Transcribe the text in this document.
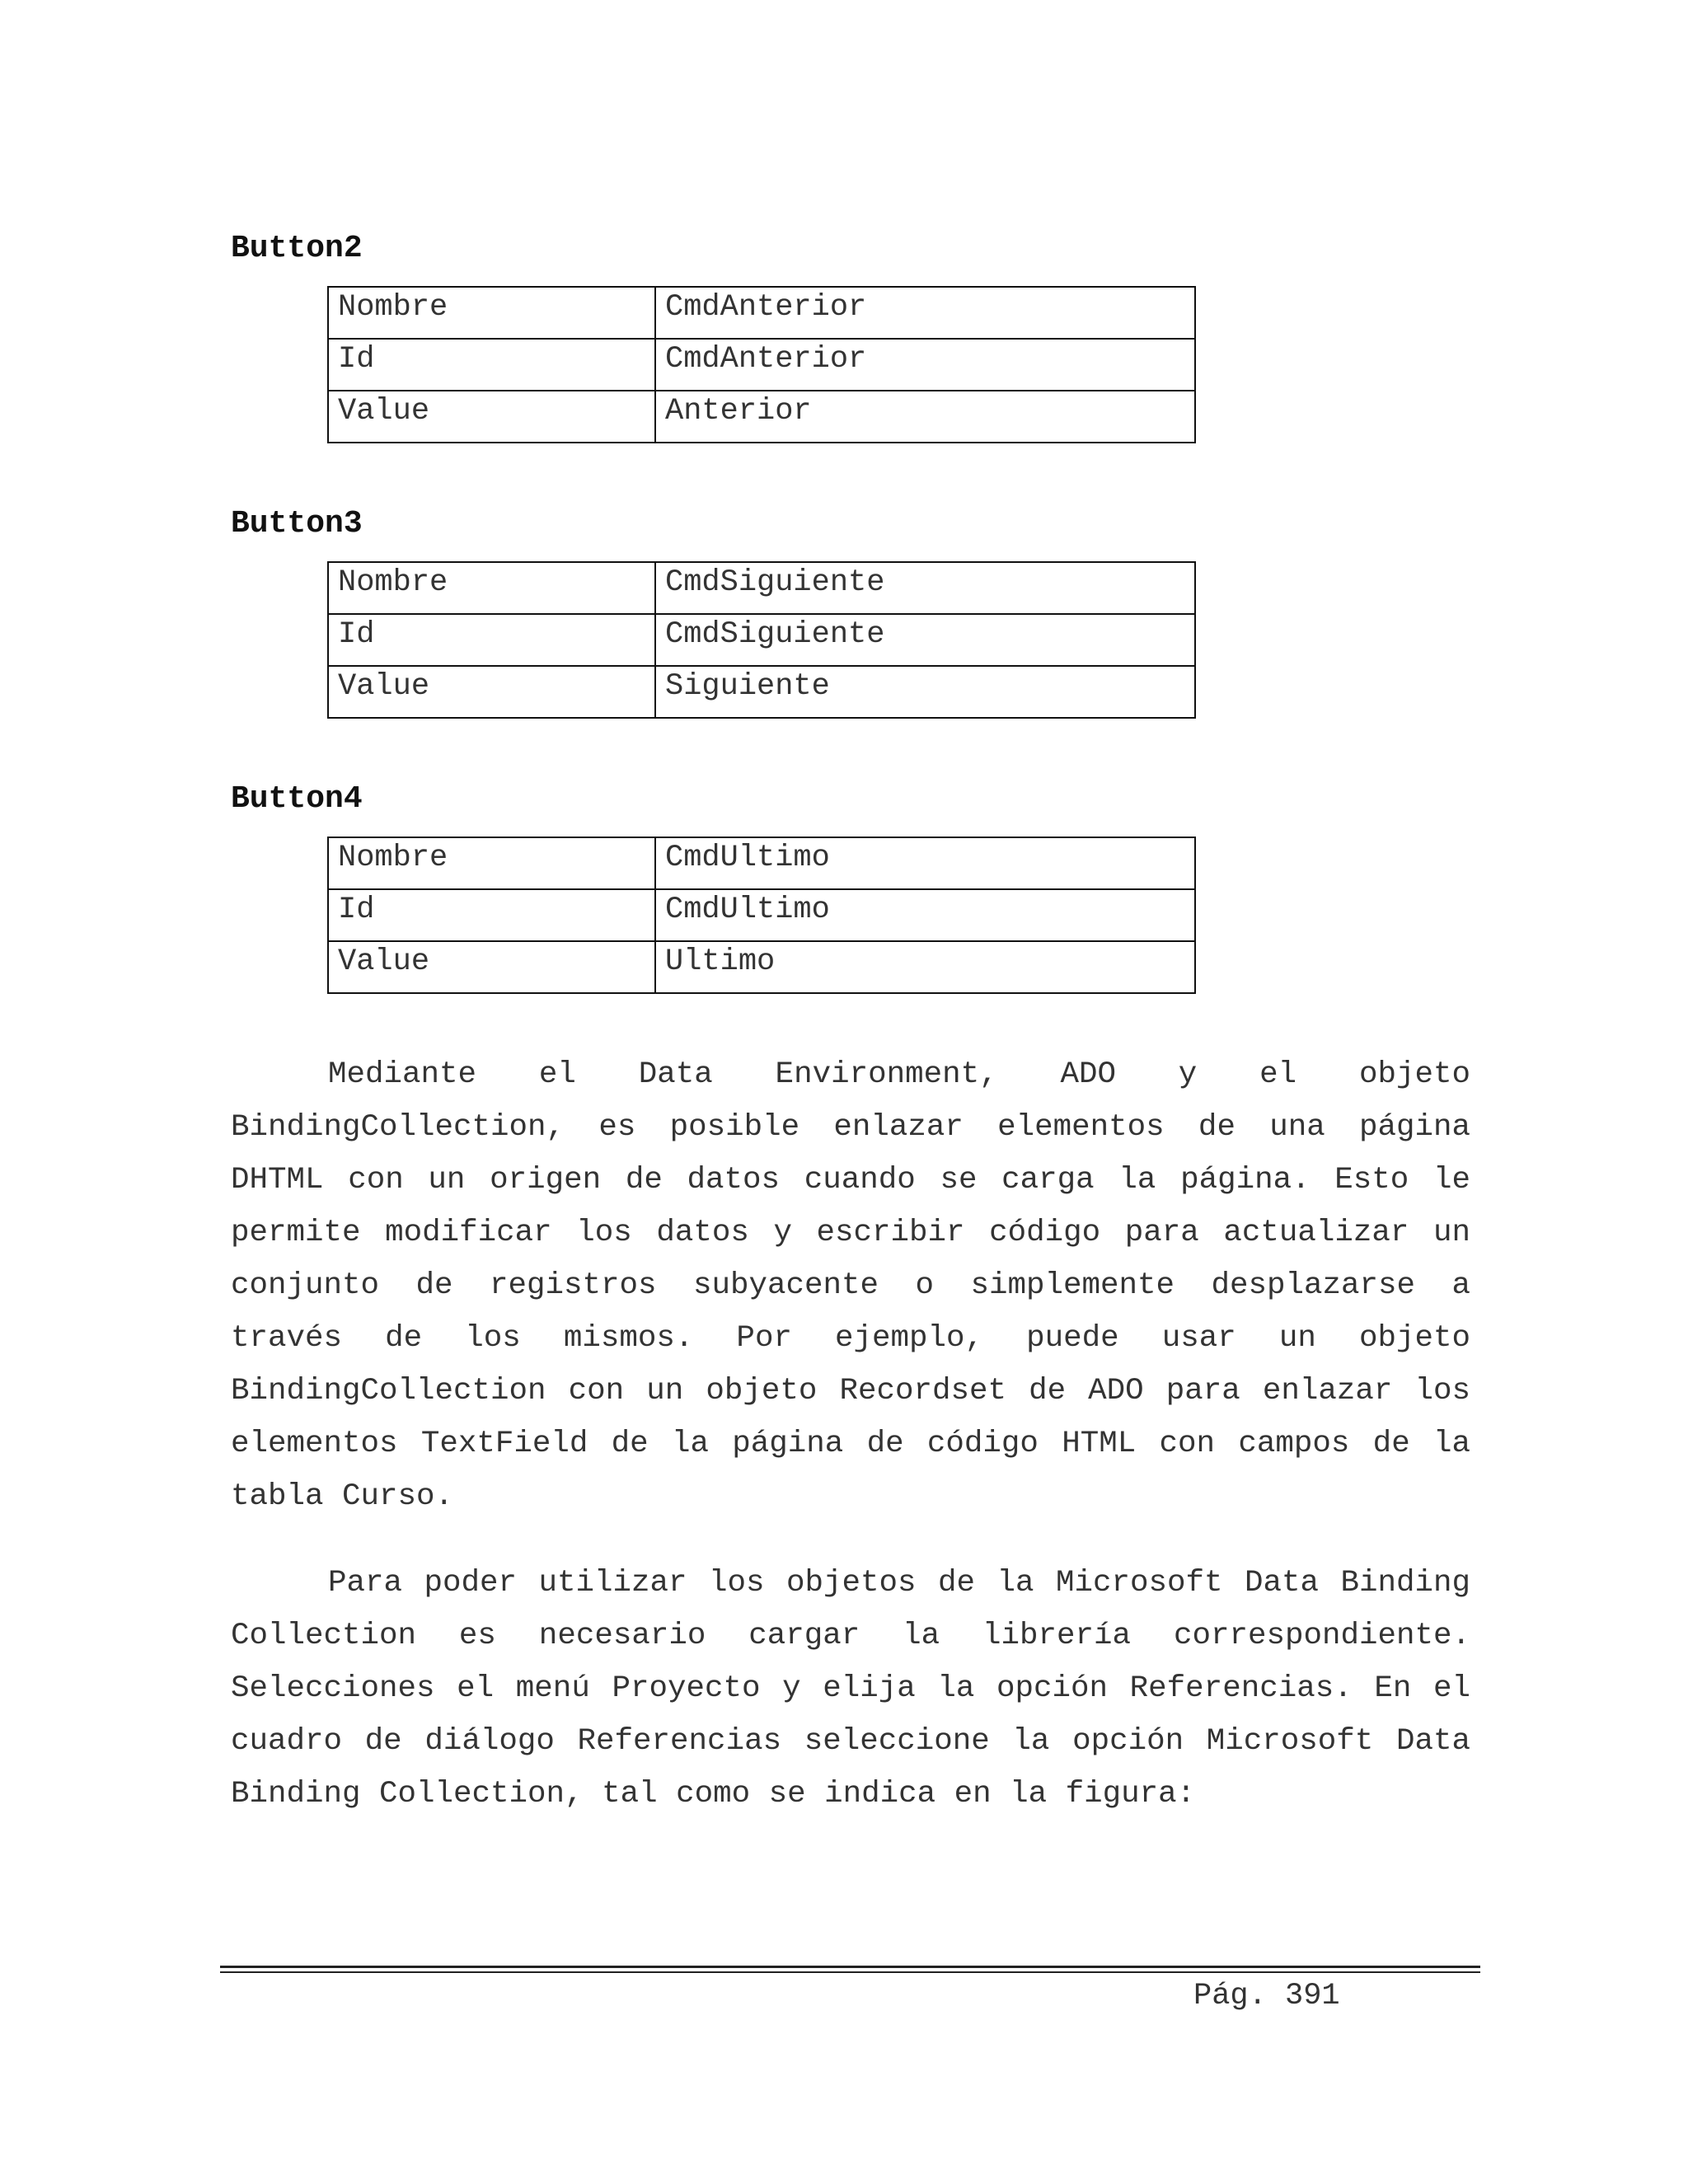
Button2
Nombre	CmdAnterior
Id	CmdAnterior
Value	Anterior
Button3
Nombre	CmdSiguiente
Id	CmdSiguiente
Value	Siguiente
Button4
Nombre	CmdUltimo
Id	CmdUltimo
Value	Ultimo

Mediante el Data Environment, ADO y el objeto BindingCollection, es posible enlazar elementos de una página DHTML con un origen de datos cuando se carga la página. Esto le permite modificar los datos y escribir código para actualizar un conjunto de registros subyacente o simplemente desplazarse a través de los mismos. Por ejemplo, puede usar un objeto BindingCollection con un objeto Recordset de ADO para enlazar los elementos TextField de la página de código HTML con campos de la tabla Curso.

Para poder utilizar los objetos de la Microsoft Data Binding Collection es necesario cargar la librería correspondiente. Selecciones el menú Proyecto y elija la opción Referencias. En el cuadro de diálogo Referencias seleccione la opción Microsoft Data Binding Collection, tal como se indica en la figura:

Pág. 391
